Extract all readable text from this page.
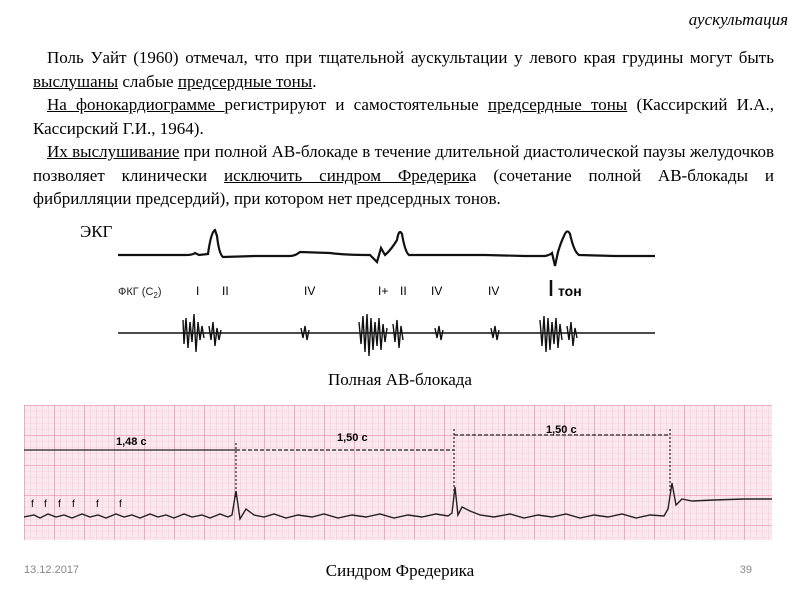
аускультация

Поль Уайт (1960) отмечал, что при тщательной аускультации у левого края грудины могут быть выслушаны слабые предсердные тоны.

На фонокардиограмме регистрируют и самостоятельные предсердные тоны (Кассирский И.А., Кассирский Г.И., 1964).

Их выслушивание при полной АВ-блокаде в течение длительной диастолической паузы желудочков позволяет клинически исключить синдром Фредерика (сочетание полной АВ-блокады и фибрилляции предсердий), при котором нет предсердных тонов.

ЭКГ
ФКГ $(С_2)$	I II	IV	I+ II IV	IV	тон
Полная АВ-блокада
1,48 с	1,50 с
1,50 с
f f f f f f
Синдром Фредерика
13.12.2017	39
